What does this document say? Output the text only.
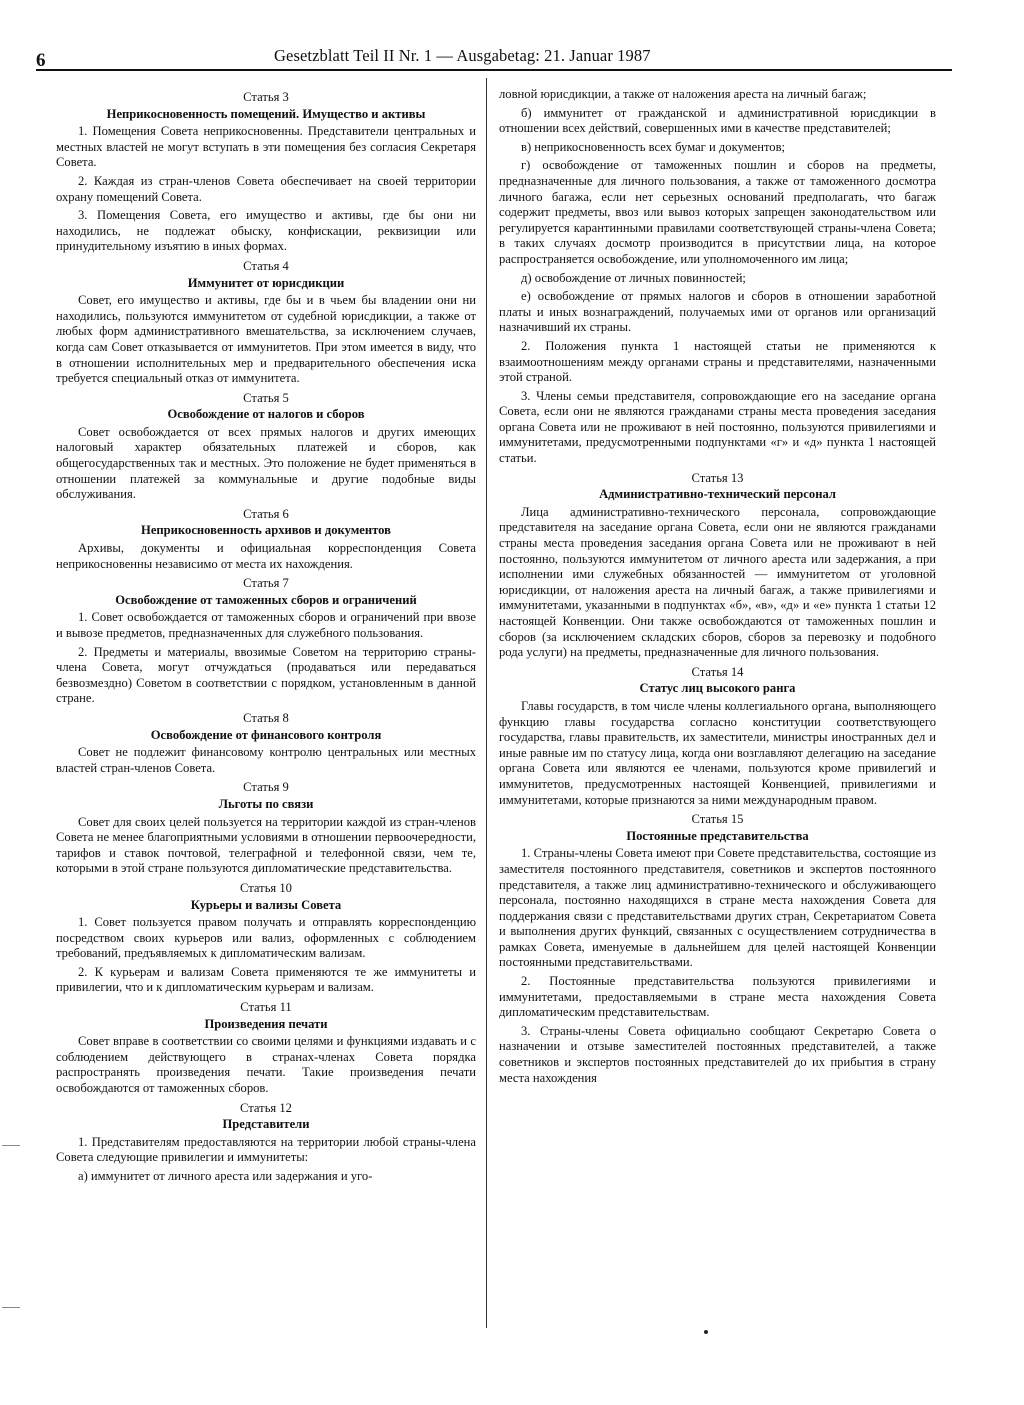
6	Gesetzblatt Teil II Nr. 1 — Ausgabetag: 21. Januar 1987
Статья 3
Неприкосновенность помещений. Имущество и активы

1. Помещения Совета неприкосновенны. Представители центральных и местных властей не могут вступать в эти помещения без согласия Секретаря Совета.

2. Каждая из стран-членов Совета обеспечивает на своей территории охрану помещений Совета.

3. Помещения Совета, его имущество и активы, где бы они ни находились, не подлежат обыску, конфискации, реквизиции или принудительному изъятию в иных формах.

Статья 4
Иммунитет от юрисдикции

Совет, его имущество и активы, где бы и в чьем бы владении они ни находились, пользуются иммунитетом от судебной юрисдикции, а также от любых форм административного вмешательства, за исключением случаев, когда сам Совет отказывается от иммунитетов. При этом имеется в виду, что в отношении исполнительных мер и предварительного обеспечения иска требуется специальный отказ от иммунитета.

Статья 5
Освобождение от налогов и сборов

Совет освобождается от всех прямых налогов и других имеющих налоговый характер обязательных платежей и сборов, как общегосударственных так и местных. Это положение не будет применяться в отношении платежей за коммунальные и другие подобные виды обслуживания.

Статья 6
Неприкосновенность архивов и документов

Архивы, документы и официальная корреспонденция Совета неприкосновенны независимо от места их нахождения.

Статья 7
Освобождение от таможенных сборов и ограничений

1. Совет освобождается от таможенных сборов и ограничений при ввозе и вывозе предметов, предназначенных для служебного пользования.

2. Предметы и материалы, ввозимые Советом на территорию страны-члена Совета, могут отчуждаться (продаваться или передаваться безвозмездно) Советом в соответствии с порядком, установленным в данной стране.

Статья 8
Освобождение от финансового контроля

Совет не подлежит финансовому контролю центральных или местных властей стран-членов Совета.

Статья 9
Льготы по связи

Совет для своих целей пользуется на территории каждой из стран-членов Совета не менее благоприятными условиями в отношении первоочередности, тарифов и ставок почтовой, телеграфной и телефонной связи, чем те, которыми в этой стране пользуются дипломатические представительства.

Статья 10
Курьеры и вализы Совета

1. Совет пользуется правом получать и отправлять корреспонденцию посредством своих курьеров или вализ, оформленных с соблюдением требований, предъявляемых к дипломатическим вализам.

2. К курьерам и вализам Совета применяются те же иммунитеты и привилегии, что и к дипломатическим курьерам и вализам.

Статья 11
Произведения печати

Совет вправе в соответствии со своими целями и функциями издавать и с соблюдением действующего в странах-членах Совета порядка распространять произведения печати. Такие произведения печати освобождаются от таможенных сборов.

Статья 12
Представители

1. Представителям предоставляются на территории любой страны-члена Совета следующие привилегии и иммунитеты:

а) иммунитет от личного ареста или задержания и уго-

ловной юрисдикции, а также от наложения ареста на личный багаж;

б) иммунитет от гражданской и административной юрисдикции в отношении всех действий, совершенных ими в качестве представителей;

в) неприкосновенность всех бумаг и документов;

г) освобождение от таможенных пошлин и сборов на предметы, предназначенные для личного пользования, а также от таможенного досмотра личного багажа, если нет серьезных оснований предполагать, что багаж содержит предметы, ввоз или вывоз которых запрещен законодательством или регулируется карантинными правилами соответствующей страны-члена Совета; в таких случаях досмотр производится в присутствии лица, на которое распространяется освобождение, или уполномоченного им лица;

д) освобождение от личных повинностей;

е) освобождение от прямых налогов и сборов в отношении заработной платы и иных вознаграждений, получаемых ими от органов или организаций назначивший их страны.

2. Положения пункта 1 настоящей статьи не применяются к взаимоотношениям между органами страны и представителями, назначенными этой страной.

3. Члены семьи представителя, сопровождающие его на заседание органа Совета, если они не являются гражданами страны места проведения заседания органа Совета или не проживают в ней постоянно, пользуются привилегиями и иммунитетами, предусмотренными подпунктами «г» и «д» пункта 1 настоящей статьи.

Статья 13
Административно-технический персонал

Лица административно-технического персонала, сопровождающие представителя на заседание органа Совета, если они не являются гражданами страны места проведения заседания органа Совета или не проживают в ней постоянно, пользуются иммунитетом от личного ареста или задержания, а при исполнении ими служебных обязанностей — иммунитетом от уголовной юрисдикции, от наложения ареста на личный багаж, а также привилегиями и иммунитетами, указанными в подпунктах «б», «в», «д» и «е» пункта 1 статьи 12 настоящей Конвенции. Они также освобождаются от таможенных пошлин и сборов (за исключением складских сборов, сборов за перевозку и подобного рода услуги) на предметы, предназначенные для личного пользования.

Статья 14
Статус лиц высокого ранга

Главы государств, в том числе члены коллегиального органа, выполняющего функцию главы государства согласно конституции соответствующего государства, главы правительств, их заместители, министры иностранных дел и иные равные им по статусу лица, когда они возглавляют делегацию на заседание органа Совета или являются ее членами, пользуются кроме привилегий и иммунитетов, предусмотренных настоящей Конвенцией, привилегиями и иммунитетами, которые признаются за ними международным правом.

Статья 15
Постоянные представительства

1. Страны-члены Совета имеют при Совете представительства, состоящие из заместителя постоянного представителя, советников и экспертов постоянного представителя, а также лиц административно-технического и обслуживающего персонала, постоянно находящихся в стране места нахождения Совета для поддержания связи с представительствами других стран, Секретариатом Совета и выполнения других функций, связанных с осуществлением сотрудничества в рамках Совета, именуемые в дальнейшем для целей настоящей Конвенции постоянными представительствами.

2. Постоянные представительства пользуются привилегиями и иммунитетами, предоставляемыми в стране места нахождения Совета дипломатическим представительствам.

3. Страны-члены Совета официально сообщают Секретарю Совета о назначении и отзыве заместителей постоянных представителей, а также советников и экспертов постоянных представителей до их прибытия в страну места нахождения
